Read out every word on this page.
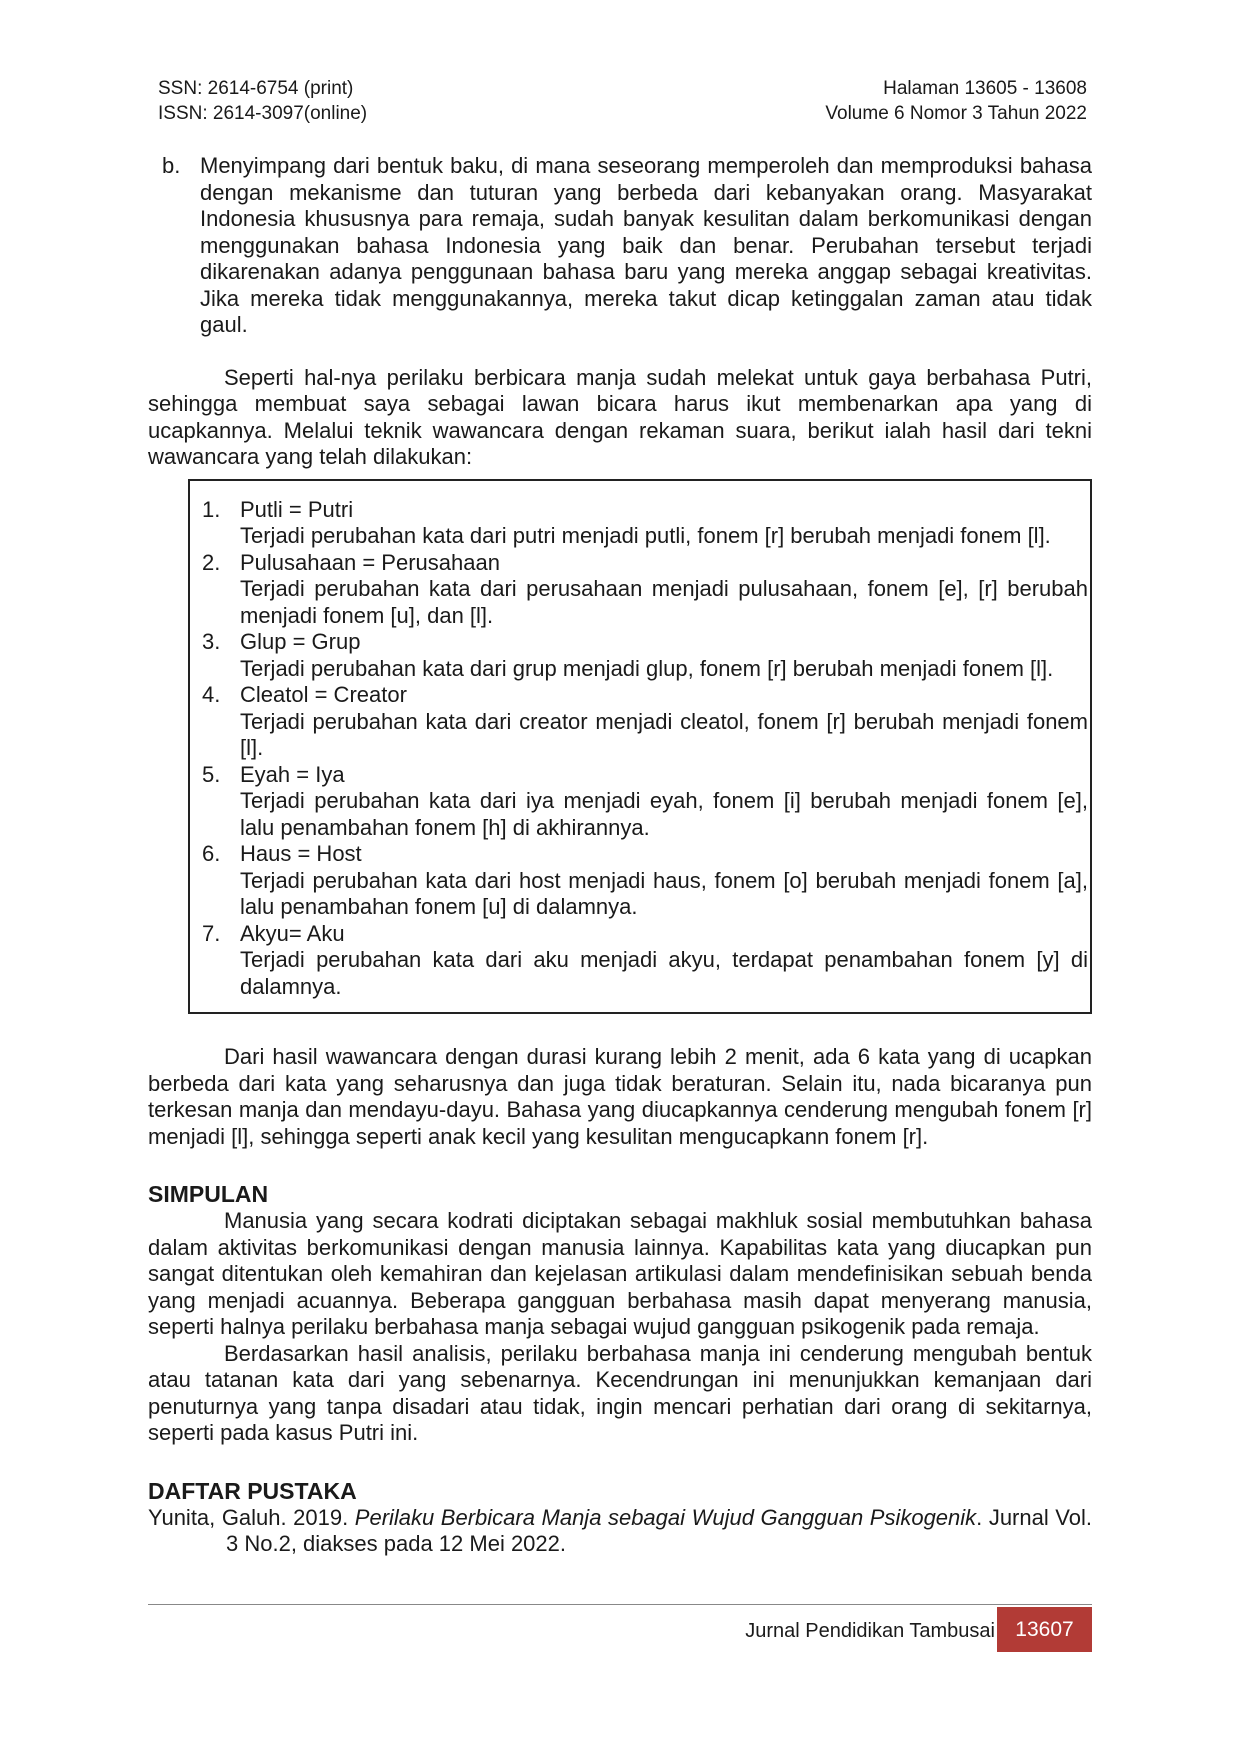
SSN: 2614-6754 (print)
ISSN: 2614-3097(online)
Halaman 13605 - 13608
Volume 6 Nomor 3 Tahun 2022
b. Menyimpang dari bentuk baku, di mana seseorang memperoleh dan memproduksi bahasa dengan mekanisme dan tuturan yang berbeda dari kebanyakan orang. Masyarakat Indonesia khususnya para remaja, sudah banyak kesulitan dalam berkomunikasi dengan menggunakan bahasa Indonesia yang baik dan benar. Perubahan tersebut terjadi dikarenakan adanya penggunaan bahasa baru yang mereka anggap sebagai kreativitas. Jika mereka tidak menggunakannya, mereka takut dicap ketinggalan zaman atau tidak gaul.

Seperti hal-nya perilaku berbicara manja sudah melekat untuk gaya berbahasa Putri, sehingga membuat saya sebagai lawan bicara harus ikut membenarkan apa yang di ucapkannya. Melalui teknik wawancara dengan rekaman suara, berikut ialah hasil dari tekni wawancara yang telah dilakukan:

1. Putli = Putri
Terjadi perubahan kata dari putri menjadi putli, fonem [r] berubah menjadi fonem [l].
2. Pulusahaan = Perusahaan
Terjadi perubahan kata dari perusahaan menjadi pulusahaan, fonem [e], [r] berubah menjadi fonem [u], dan [l].
3. Glup = Grup
Terjadi perubahan kata dari grup menjadi glup, fonem [r] berubah menjadi fonem [l].
4. Cleatol = Creator
Terjadi perubahan kata dari creator menjadi cleatol, fonem [r] berubah menjadi fonem [l].
5. Eyah = Iya
Terjadi perubahan kata dari iya menjadi eyah, fonem [i] berubah menjadi fonem [e], lalu penambahan fonem [h] di akhirannya.
6. Haus = Host
Terjadi perubahan kata dari host menjadi haus, fonem [o] berubah menjadi fonem [a], lalu penambahan fonem [u] di dalamnya.
7. Akyu= Aku
Terjadi perubahan kata dari aku menjadi akyu, terdapat penambahan fonem [y] di dalamnya.

Dari hasil wawancara dengan durasi kurang lebih 2 menit, ada 6 kata yang di ucapkan berbeda dari kata yang seharusnya dan juga tidak beraturan. Selain itu, nada bicaranya pun terkesan manja dan mendayu-dayu. Bahasa yang diucapkannya cenderung mengubah fonem [r] menjadi [l], sehingga seperti anak kecil yang kesulitan mengucapkann fonem [r].

SIMPULAN

Manusia yang secara kodrati diciptakan sebagai makhluk sosial membutuhkan bahasa dalam aktivitas berkomunikasi dengan manusia lainnya. Kapabilitas kata yang diucapkan pun sangat ditentukan oleh kemahiran dan kejelasan artikulasi dalam mendefinisikan sebuah benda yang menjadi acuannya. Beberapa gangguan berbahasa masih dapat menyerang manusia, seperti halnya perilaku berbahasa manja sebagai wujud gangguan psikogenik pada remaja.

Berdasarkan hasil analisis, perilaku berbahasa manja ini cenderung mengubah bentuk atau tatanan kata dari yang sebenarnya. Kecendrungan ini menunjukkan kemanjaan dari penuturnya yang tanpa disadari atau tidak, ingin mencari perhatian dari orang di sekitarnya, seperti pada kasus Putri ini.

DAFTAR PUSTAKA

Yunita, Galuh. 2019. Perilaku Berbicara Manja sebagai Wujud Gangguan Psikogenik. Jurnal Vol. 3 No.2, diakses pada 12 Mei 2022.
Jurnal Pendidikan Tambusai 13607
